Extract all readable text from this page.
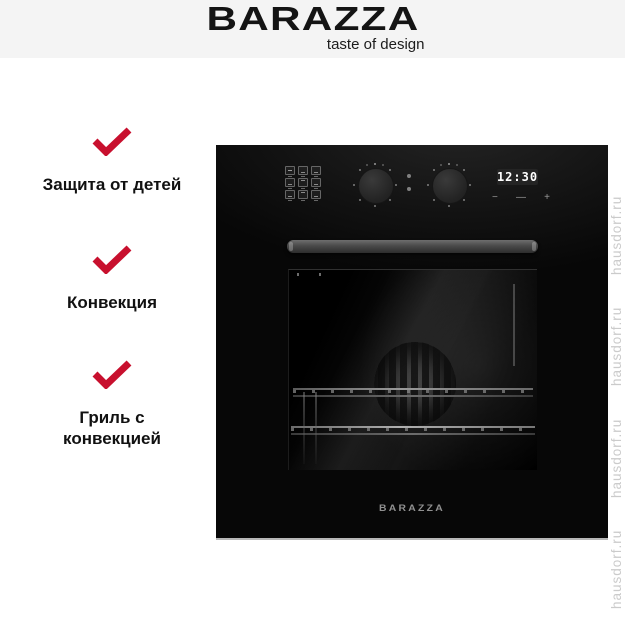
BARAZZA
taste of design
Защита от детей
Конвекция
Гриль с конвекцией
12:30
− — +
BARAZZA
hausdorf.ru
hausdorf.ru
hausdorf.ru
hausdorf.ru
